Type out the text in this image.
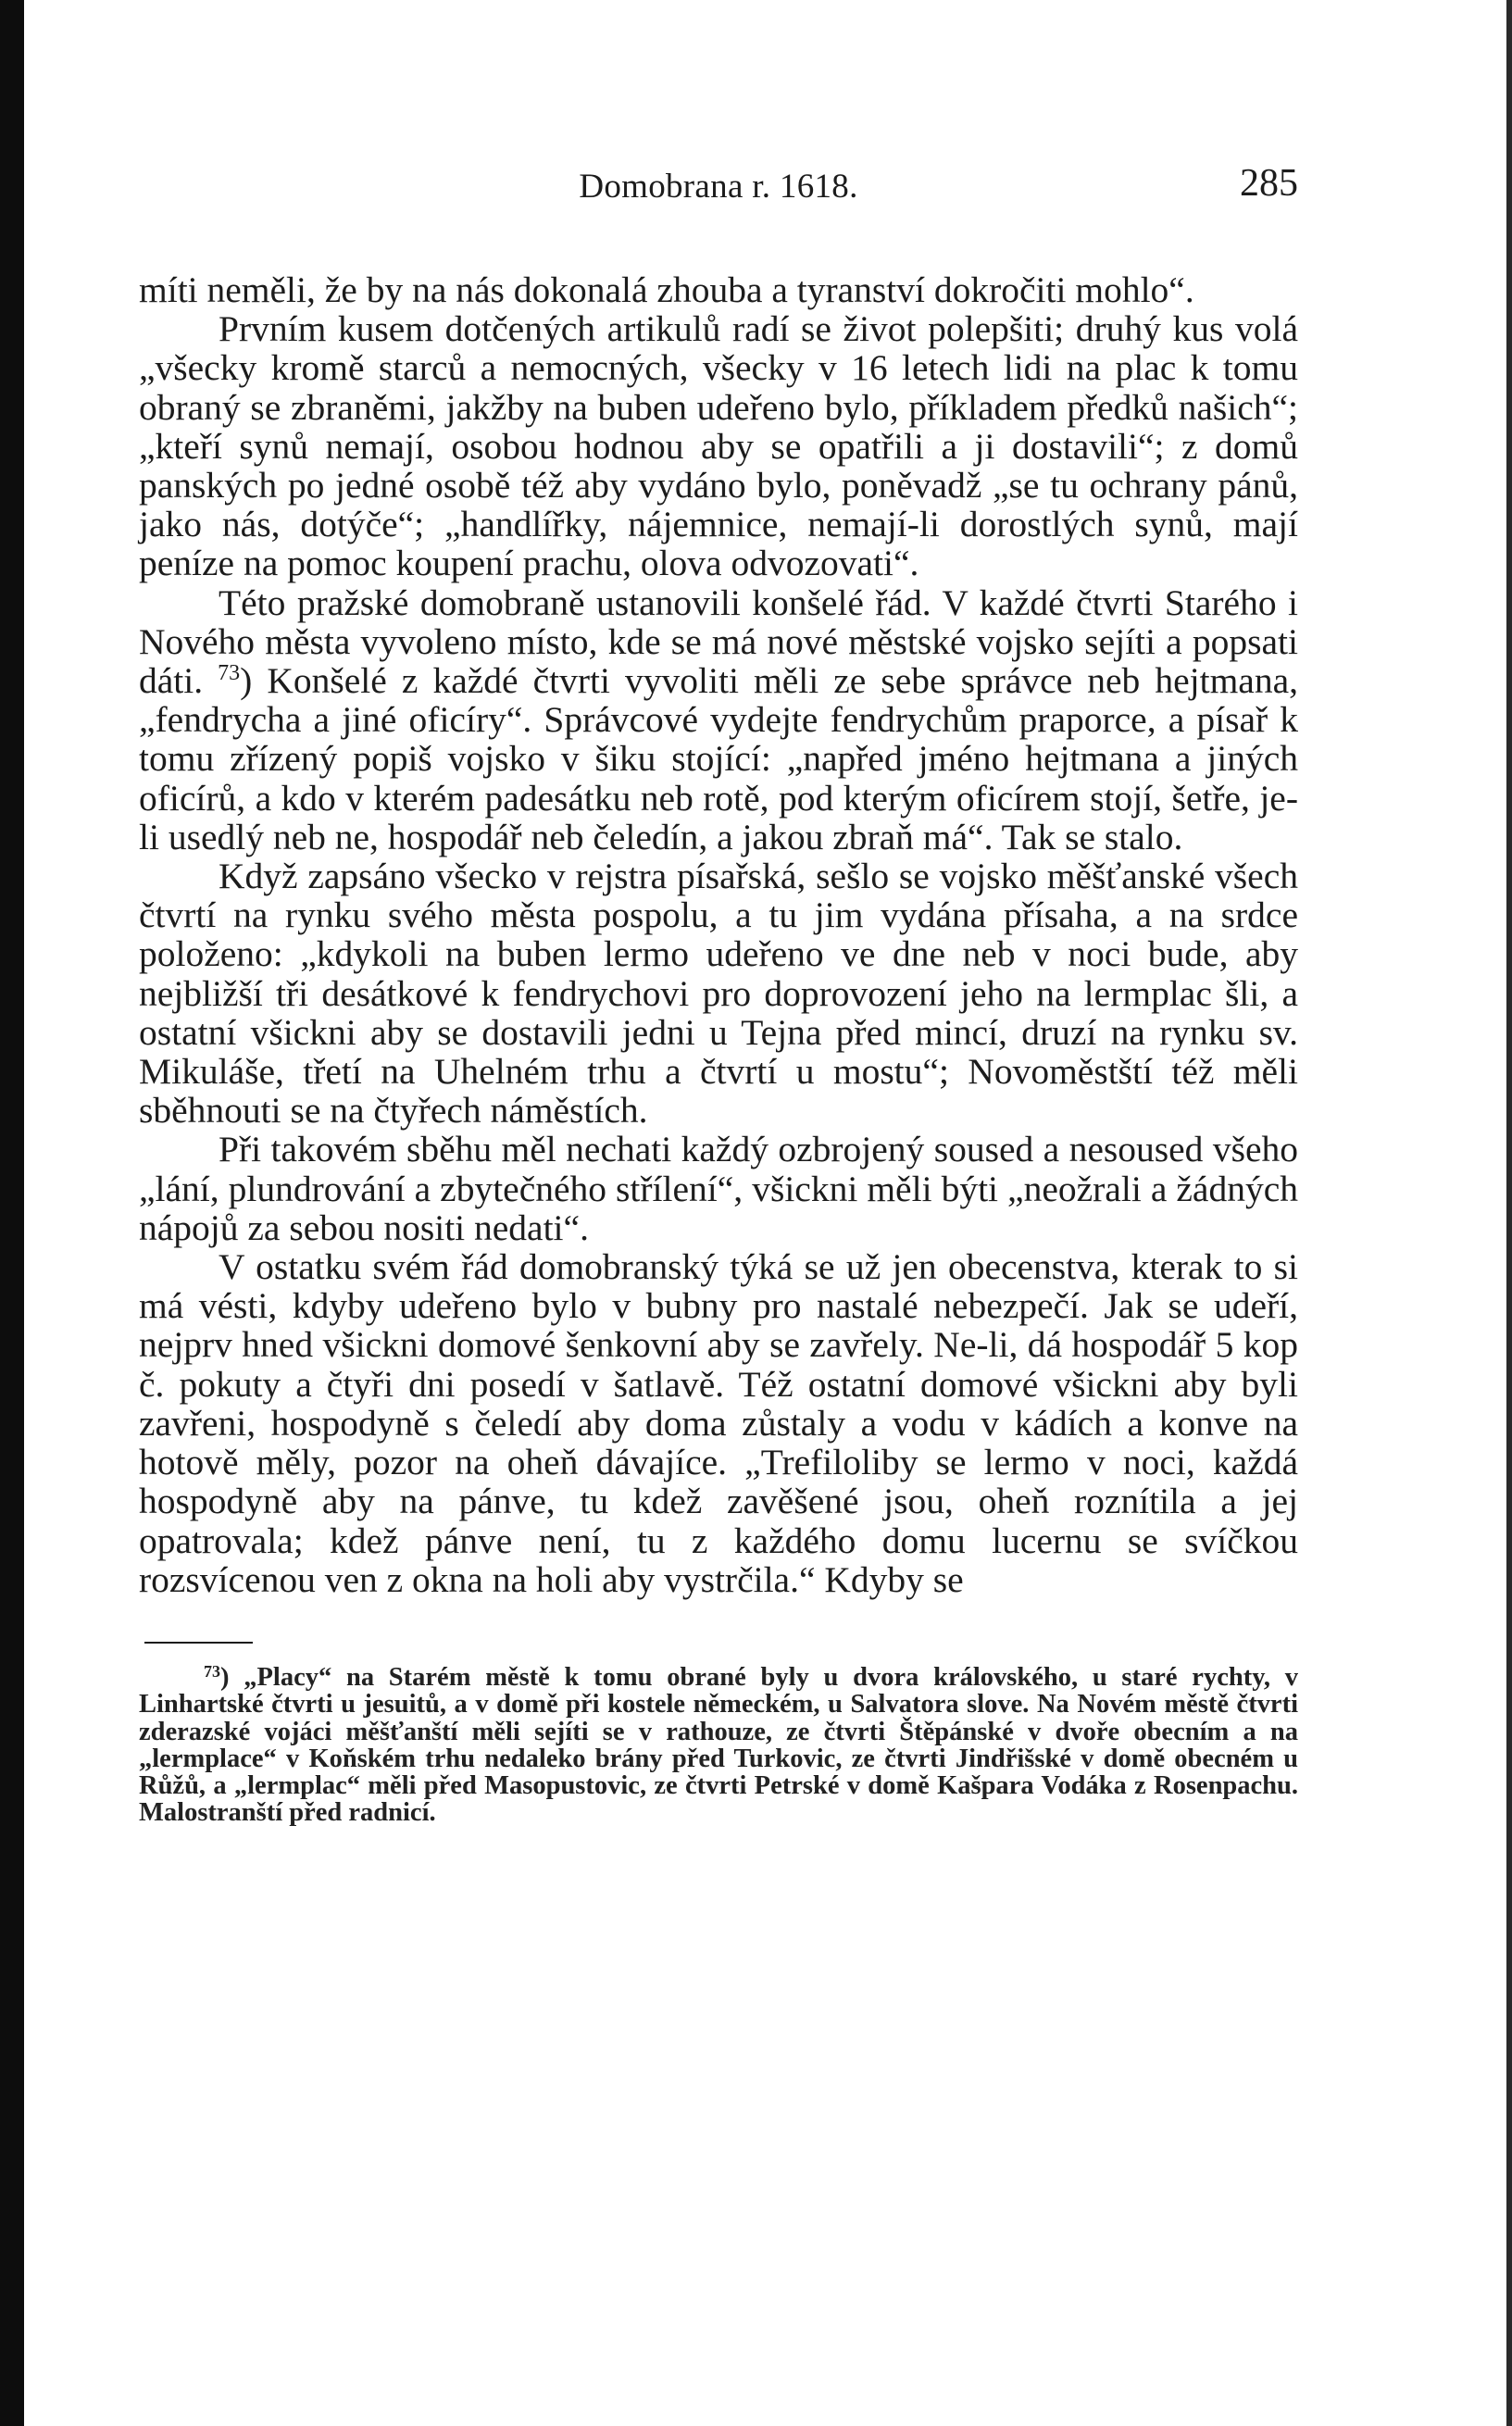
Domobrana r. 1618.	285

míti neměli, že by na nás dokonalá zhouba a tyranství dokročiti mohlo“.

Prvním kusem dotčených artikulů radí se život polepšiti; druhý kus volá „všecky kromě starců a nemocných, všecky v 16 letech lidi na plac k tomu obraný se zbraněmi, jakžby na buben udeřeno bylo, příkladem předků našich“; „kteří synů nemají, osobou hodnou aby se opatřili a ji dostavili“; z domů panských po jedné osobě též aby vydáno bylo, poněvadž „se tu ochrany pánů, jako nás, dotýče“; „handlířky, nájemnice, nemají-li dorostlých synů, mají peníze na pomoc koupení prachu, olova odvozovati“.

Této pražské domobraně ustanovili konšelé řád. V každé čtvrti Starého i Nového města vyvoleno místo, kde se má nové městské vojsko sejíti a popsati dáti. $^{73}$) Konšelé z každé čtvrti vyvoliti měli ze sebe správce neb hejtmana, „fendrycha a jiné oficíry“. Správcové vydejte fendrychům praporce, a písař k tomu zřízený popiš vojsko v šiku stojící: „napřed jméno hejtmana a jiných oficírů, a kdo v kterém padesátku neb rotě, pod kterým oficírem stojí, šetře, je-li usedlý neb ne, hospodář neb čeledín, a jakou zbraň má“. Tak se stalo.

Když zapsáno všecko v rejstra písařská, sešlo se vojsko měšťanské všech čtvrtí na rynku svého města pospolu, a tu jim vydána přísaha, a na srdce položeno: „kdykoli na buben lermo udeřeno ve dne neb v noci bude, aby nejbližší tři desátkové k fendrychovi pro doprovození jeho na lermplac šli, a ostatní všickni aby se dostavili jedni u Tejna před mincí, druzí na rynku sv. Mikuláše, třetí na Uhelném trhu a čtvrtí u mostu“; Novoměstští též měli sběhnouti se na čtyřech náměstích.

Při takovém sběhu měl nechati každý ozbrojený soused a nesoused všeho „lání, plundrování a zbytečného střílení“, všickni měli býti „neožrali a žádných nápojů za sebou nositi nedati“.

V ostatku svém řád domobranský týká se už jen obecenstva, kterak to si má vésti, kdyby udeřeno bylo v bubny pro nastalé nebezpečí. Jak se udeří, nejprv hned všickni domové šenkovní aby se zavřely. Ne-li, dá hospodář 5 kop č. pokuty a čtyři dni posedí v šatlavě. Též ostatní domové všickni aby byli zavřeni, hospodyně s čeledí aby doma zůstaly a vodu v kádích a konve na hotově měly, pozor na oheň dávajíce. „Trefiloliby se lermo v noci, každá hospodyně aby na pánve, tu kdež zavěšené jsou, oheň roznítila a jej opatrovala; kdež pánve není, tu z každého domu lucernu se svíčkou rozsvícenou ven z okna na holi aby vystrčila.“ Kdyby se

$^{73}$) „Placy“ na Starém městě k tomu obrané byly u dvora královského, u staré rychty, v Linhartské čtvrti u jesuitů, a v domě při kostele německém, u Salvatora slove. Na Novém městě čtvrti zderazské vojáci měšťanští měli sejíti se v rathouze, ze čtvrti Štěpánské v dvoře obecním a na „lermplace“ v Koňském trhu nedaleko brány před Turkovic, ze čtvrti Jindřišské v domě obecném u Růžů, a „lermplac“ měli před Masopustovic, ze čtvrti Petrské v domě Kašpara Vodáka z Rosenpachu. Malostranští před radnicí.
